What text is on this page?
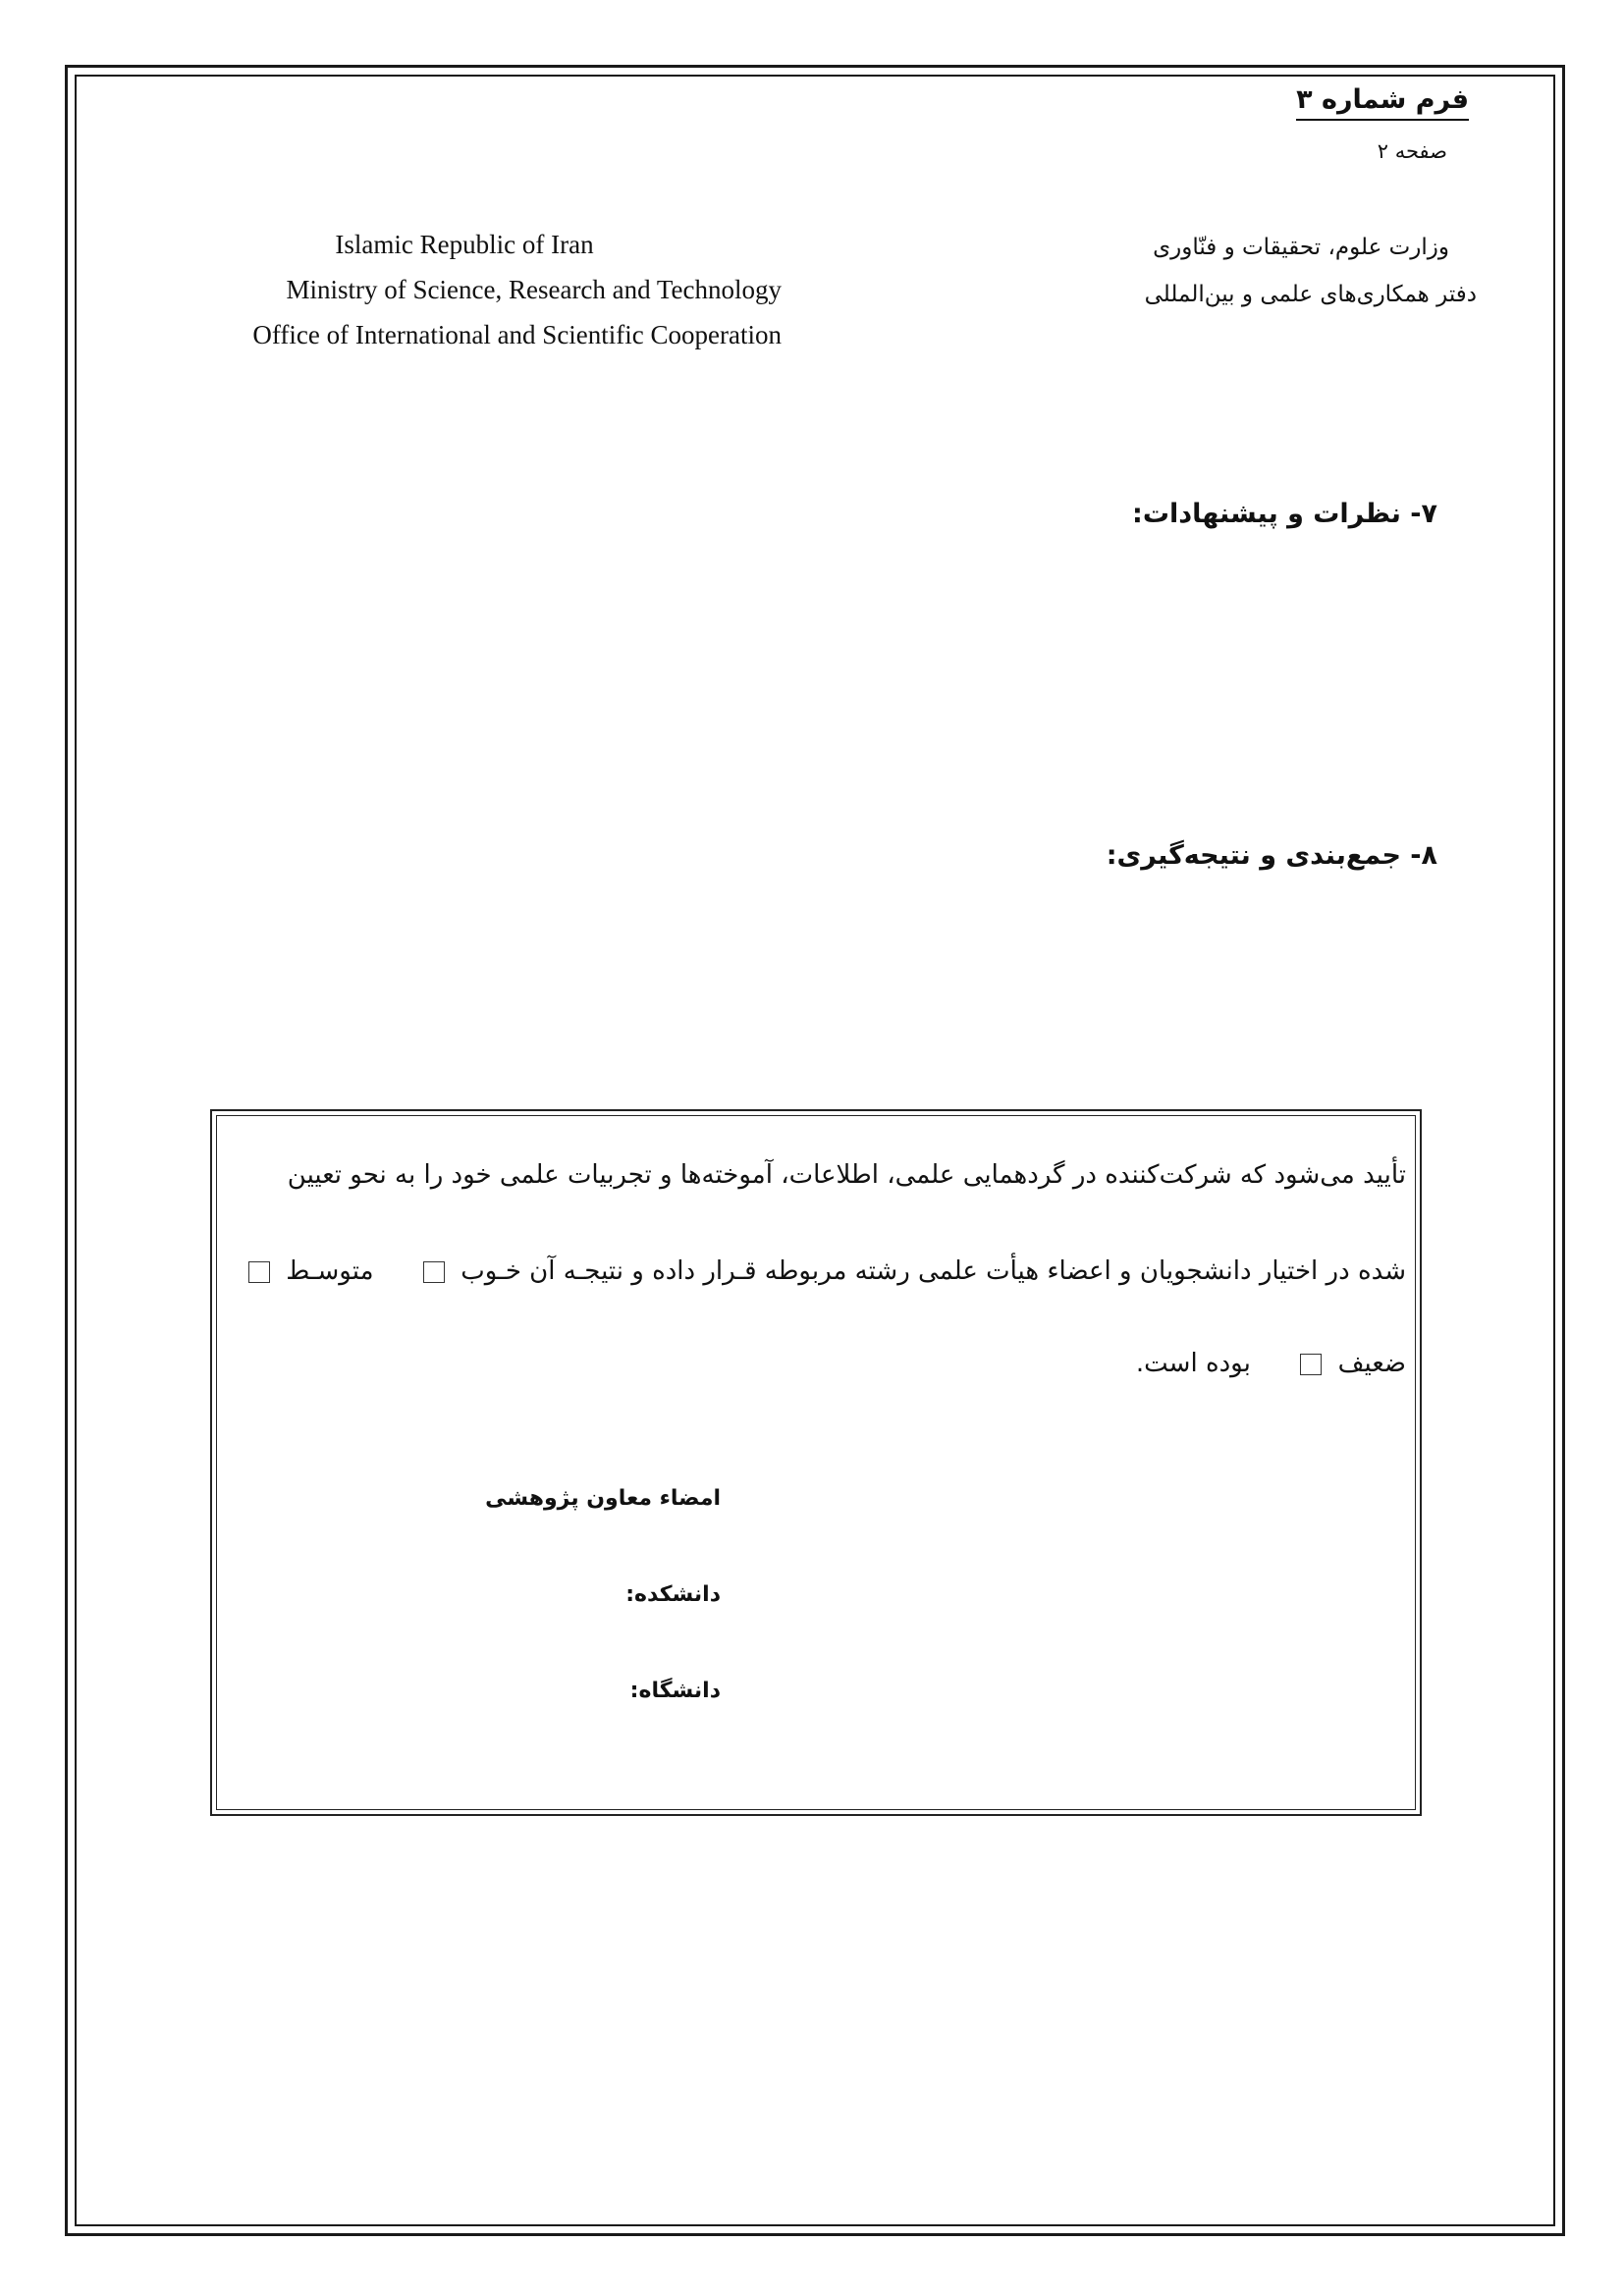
فرم شماره ۳
صفحه ۲
وزارت علوم، تحقیقات و فنّاوری
دفتر همکاری‌های علمی و بین‌المللی
Islamic Republic of Iran
Ministry of Science, Research and Technology
Office of International and Scientific Cooperation
۷- نظرات و پیشنهادات:
۸- جمع‌بندی و نتیجه‌گیری:
تأیید می‌شود که شرکت‌کننده در گردهمایی علمی، اطلاعات، آموخته‌ها و تجربیات علمی خود را به نحو تعیین
شده در اختیار دانشجویان و اعضاء هیأت علمی رشته مربوطه قـرار داده و نتیجـه آن خـوب   متوسـط
ضعیف   بوده است.
امضاء معاون پژوهشی
دانشکده:
دانشگاه:
